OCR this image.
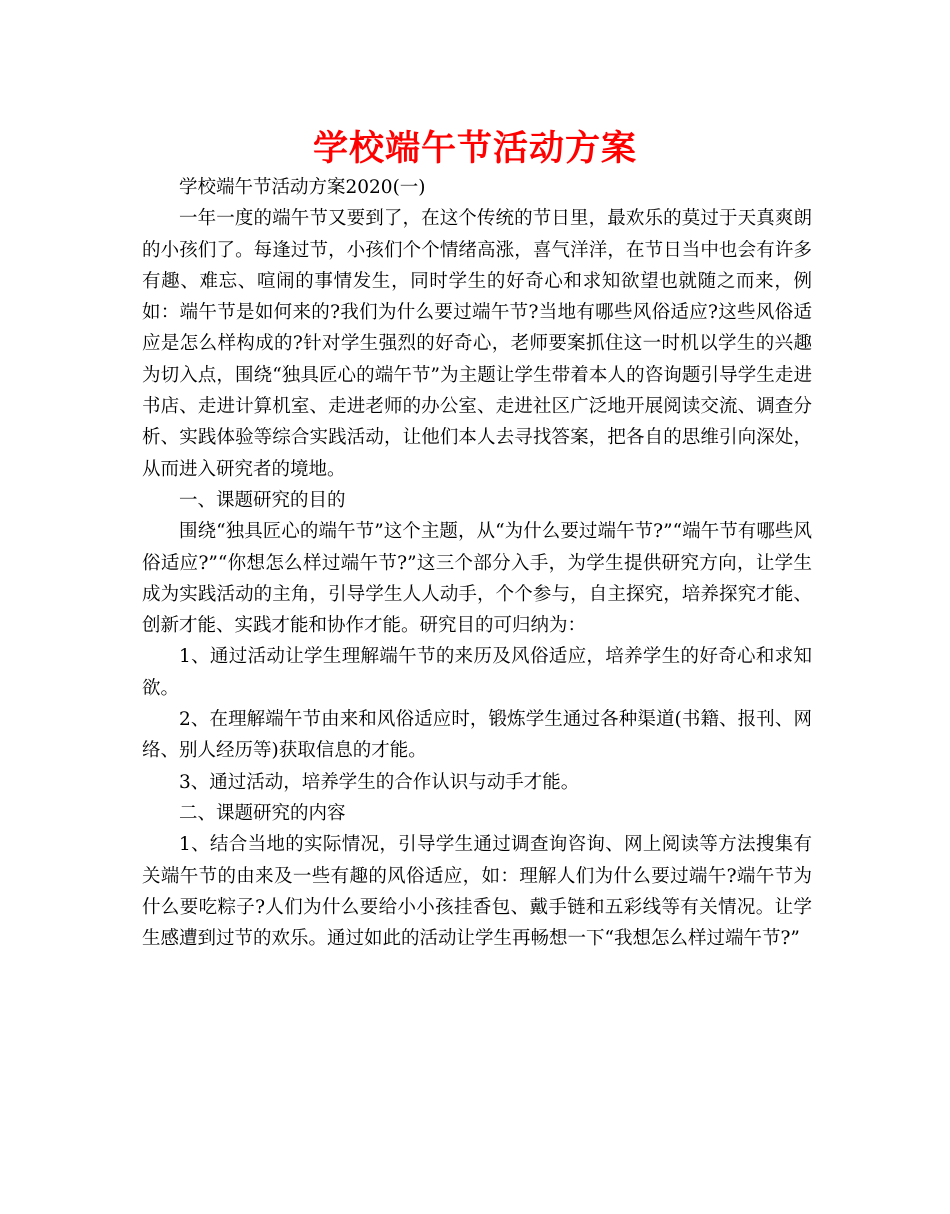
学校端午节活动方案

学校端午节活动方案2020(一)

一年一度的端午节又要到了，在这个传统的节日里，最欢乐的莫过于天真爽朗的小孩们了。每逢过节，小孩们个个情绪高涨，喜气洋洋，在节日当中也会有许多有趣、难忘、喧闹的事情发生，同时学生的好奇心和求知欲望也就随之而来，例如：端午节是如何来的?我们为什么要过端午节?当地有哪些风俗适应?这些风俗适应是怎么样构成的?针对学生强烈的好奇心，老师要案抓住这一时机以学生的兴趣为切入点，围绕“独具匠心的端午节”为主题让学生带着本人的咨询题引导学生走进书店、走进计算机室、走进老师的办公室、走进社区广泛地开展阅读交流、调查分析、实践体验等综合实践活动，让他们本人去寻找答案，把各自的思维引向深处，从而进入研究者的境地。

一、课题研究的目的

围绕“独具匠心的端午节”这个主题，从“为什么要过端午节?”“端午节有哪些风俗适应?”“你想怎么样过端午节?”这三个部分入手，为学生提供研究方向，让学生成为实践活动的主角，引导学生人人动手，个个参与，自主探究，培养探究才能、创新才能、实践才能和协作才能。研究目的可归纳为：

1、通过活动让学生理解端午节的来历及风俗适应，培养学生的好奇心和求知欲。

2、在理解端午节由来和风俗适应时，锻炼学生通过各种渠道(书籍、报刊、网络、别人经历等)获取信息的才能。

3、通过活动，培养学生的合作认识与动手才能。

二、课题研究的内容

1、结合当地的实际情况，引导学生通过调查询咨询、网上阅读等方法搜集有关端午节的由来及一些有趣的风俗适应，如：理解人们为什么要过端午?端午节为什么要吃粽子?人们为什么要给小小孩挂香包、戴手链和五彩线等有关情况。让学生感遭到过节的欢乐。通过如此的活动让学生再畅想一下“我想怎么样过端午节?”
